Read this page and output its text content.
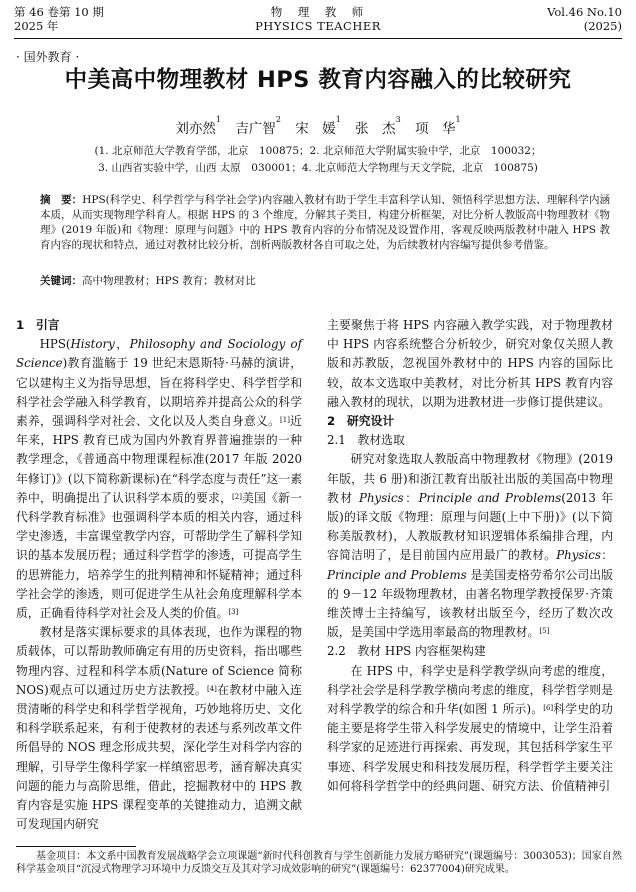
第 46 卷第 10 期
2025 年
物　理　教　师
PHYSICS TEACHER
Vol.46 No.10
(2025)
· 国外教育 ·
中美高中物理教材 HPS 教育内容融入的比较研究
刘亦然$^1$ 吉广智$^2$ 宋　媛$^1$ 张　杰$^3$ 项　华$^1$
(1. 北京师范大学教育学部，北京　100875；2. 北京师范大学附属实验中学，北京　100032；
3. 山西省实验中学，山西 太原　030001；4. 北京师范大学物理与天文学院，北京　100875)
摘　要：HPS(科学史、科学哲学与科学社会学)内容融入教材有助于学生丰富科学认知、领悟科学思想方法、理解科学内涵本质，从而实现物理学科育人。根据 HPS 的 3 个维度，分解其子类目，构建分析框架，对比分析人教版高中物理教材《物理》(2019 年版)和《物理：原理与问题》中的 HPS 教育内容的分布情况及设置作用，客观反映两版教材中融入 HPS 教育内容的现状和特点，通过对教材比较分析，剖析两版教材各自可取之处，为后续教材内容编写提供参考借鉴。
关键词：高中物理教材；HPS 教育；教材对比

1　引言

HPS(History，Philosophy and Sociology of Science)教育滥觞于 19 世纪末恩斯特·马赫的演讲，它以建构主义为指导思想，旨在将科学史、科学哲学和科学社会学融入科学教育，以期培养并提高公众的科学素养，强调科学对社会、文化以及人类自身意义。[1]近年来，HPS 教育已成为国内外教育界普遍推崇的一种教学理念，《普通高中物理课程标准(2017 年版 2020 年修订)》(以下简称新课标)在“科学态度与责任”这一素养中，明确提出了认识科学本质的要求，[2]美国《新一代科学教育标准》也强调科学本质的相关内容，通过科学史渗透，丰富课堂教学内容，可帮助学生了解科学知识的基本发展历程；通过科学哲学的渗透，可提高学生的思辨能力，培养学生的批判精神和怀疑精神；通过科学社会学的渗透，则可促进学生从社会角度理解科学本质，正确看待科学对社会及人类的价值。[3]

教材是落实课标要求的具体表现，也作为课程的物质载体，可以帮助教师确定有用的历史资料，指出哪些物理内容、过程和科学本质(Nature of Science 简称 NOS)观点可以通过历史方法教授。[4]在教材中融入连贯清晰的科学史和科学哲学视角，巧妙地将历史、文化和科学联系起来，有利于使教材的表述与系列改革文件所倡导的 NOS 理念形成共契，深化学生对科学内容的理解，引导学生像科学家一样缜密思考，涵育解决真实问题的能力与高阶思维，借此，挖掘教材中的 HPS 教育内容是实施 HPS 课程变革的关键推动力，追溯文献可发现国内研究

主要聚焦于将 HPS 内容融入教学实践，对于物理教材中 HPS 内容系统整合分析较少，研究对象仅关照人教版和苏教版，忽视国外教材中的 HPS 内容的国际比较，故本文选取中美教材，对比分析其 HPS 教育内容融入教材的现状，以期为进教材进一步修订提供建议。

2　研究设计

2.1　教材选取

研究对象选取人教版高中物理教材《物理》(2019 年版，共 6 册)和浙江教育出版社出版的美国高中物理教材 Physics：Principle and Problems(2013 年版)的译文版《物理：原理与问题(上中下册)》(以下简称美版教材)，人教版教材知识逻辑体系编排合理，内容简洁明了，是目前国内应用最广的教材。Physics：Principle and Problems 是美国麦格劳希尔公司出版的 9－12 年级物理教材，由著名物理学教授保罗·齐策维茨博士主持编写，该教材出版至今，经历了数次改版，是美国中学选用率最高的物理教材。[5]

2.2　教材 HPS 内容框架构建

在 HPS 中，科学史是科学教学纵向考虑的维度，科学社会学是科学教学横向考虑的维度，科学哲学则是对科学教学的综合和升华(如图 1 所示)。[6]科学史的功能主要是将学生带入科学发展史的情境中，让学生沿着科学家的足迹进行再探索、再发现，其包括科学家生平事迹、科学发展史和科技发展历程，科学哲学主要关注如何将科学哲学中的经典问题、研究方法、价值精神引

基金项目：本文系中国教育发展战略学会立项课题“新时代科创教育与学生创新能力发展方略研究”(课题编号：3003053)；国家自然科学基金项目“沉浸式物理学习环境中力反馈交互及其对学习成效影响的研究”(课题编号：62377004)研究成果。
